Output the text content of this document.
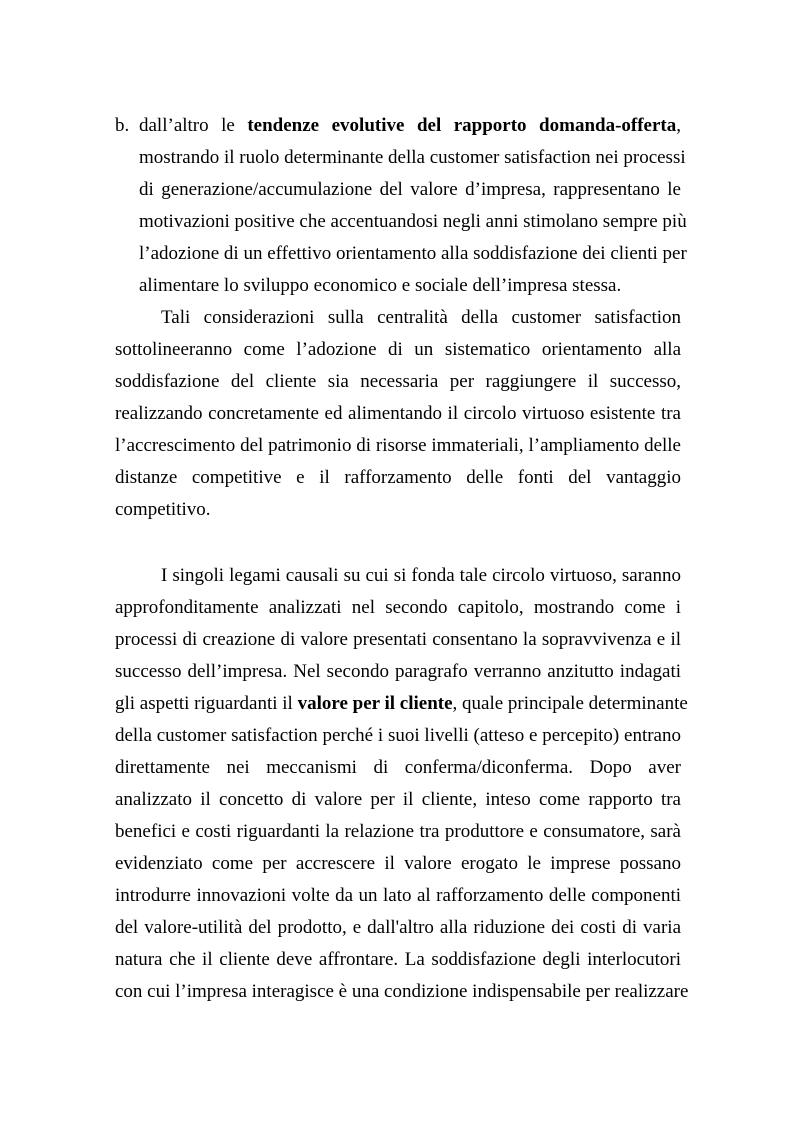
b. dall’altro le tendenze evolutive del rapporto domanda-offerta,
mostrando il ruolo determinante della customer satisfaction nei processi
di generazione/accumulazione del valore d’impresa, rappresentano le
motivazioni positive che accentuandosi negli anni stimolano sempre più
l’adozione di un effettivo orientamento alla soddisfazione dei clienti per
alimentare lo sviluppo economico e sociale dell’impresa stessa.
Tali considerazioni sulla centralità della customer satisfaction
sottolineeranno come l’adozione di un sistematico orientamento alla
soddisfazione del cliente sia necessaria per raggiungere il successo,
realizzando concretamente ed alimentando il circolo virtuoso esistente tra
l’accrescimento del patrimonio di risorse immateriali, l’ampliamento delle
distanze competitive e il rafforzamento delle fonti del vantaggio
competitivo.
I singoli legami causali su cui si fonda tale circolo virtuoso, saranno
approfonditamente analizzati nel secondo capitolo, mostrando come i
processi di creazione di valore presentati consentano la sopravvivenza e il
successo dell’impresa. Nel secondo paragrafo verranno anzitutto indagati
gli aspetti riguardanti il valore per il cliente, quale principale determinante
della customer satisfaction perché i suoi livelli (atteso e percepito) entrano
direttamente nei meccanismi di conferma/diconferma. Dopo aver
analizzato il concetto di valore per il cliente, inteso come rapporto tra
benefici e costi riguardanti la relazione tra produttore e consumatore, sarà
evidenziato come per accrescere il valore erogato le imprese possano
introdurre innovazioni volte da un lato al rafforzamento delle componenti
del valore-utilità del prodotto, e dall'altro alla riduzione dei costi di varia
natura che il cliente deve affrontare. La soddisfazione degli interlocutori
con cui l’impresa interagisce è una condizione indispensabile per realizzare
